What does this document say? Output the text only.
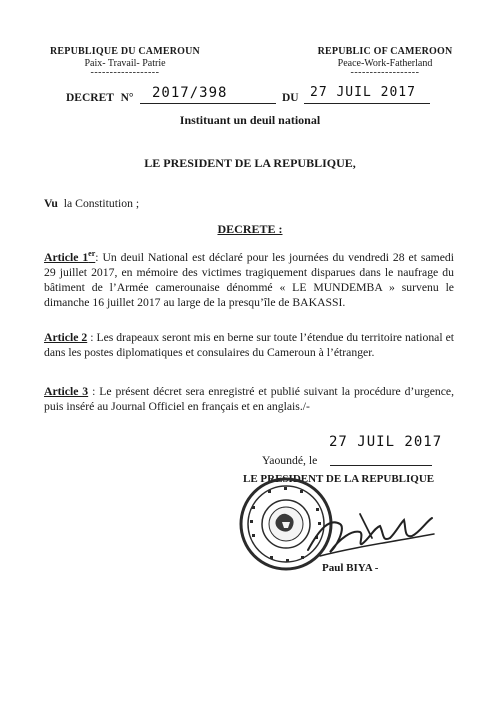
REPUBLIQUE DU CAMEROUN
Paix- Travail- Patrie
------------------
REPUBLIC OF CAMEROON
Peace-Work-Fatherland
------------------
DECRET N° 2017/398	DU 27 JUIL 2017
Instituant un deuil national
LE PRESIDENT DE LA REPUBLIQUE,
Vu la Constitution ;
DECRETE :
Article 1er: Un deuil National est déclaré pour les journées du vendredi 28 et samedi 29 juillet 2017, en mémoire des victimes tragiquement disparues dans le naufrage du bâtiment de l’Armée camerounaise dénommé « LE MUNDEMBA » survenu le dimanche 16 juillet 2017 au large de la presqu’île de BAKASSI.
Article 2 : Les drapeaux seront mis en berne sur toute l’étendue du territoire national et dans les postes diplomatiques et consulaires du Cameroun à l’étranger.
Article 3 : Le présent décret sera enregistré et publié suivant la procédure d’urgence, puis inséré au Journal Officiel en français et en anglais./-
27 JUIL 2017
Yaoundé, le
LE PRESIDENT DE LA REPUBLIQUE
Paul BIYA -
